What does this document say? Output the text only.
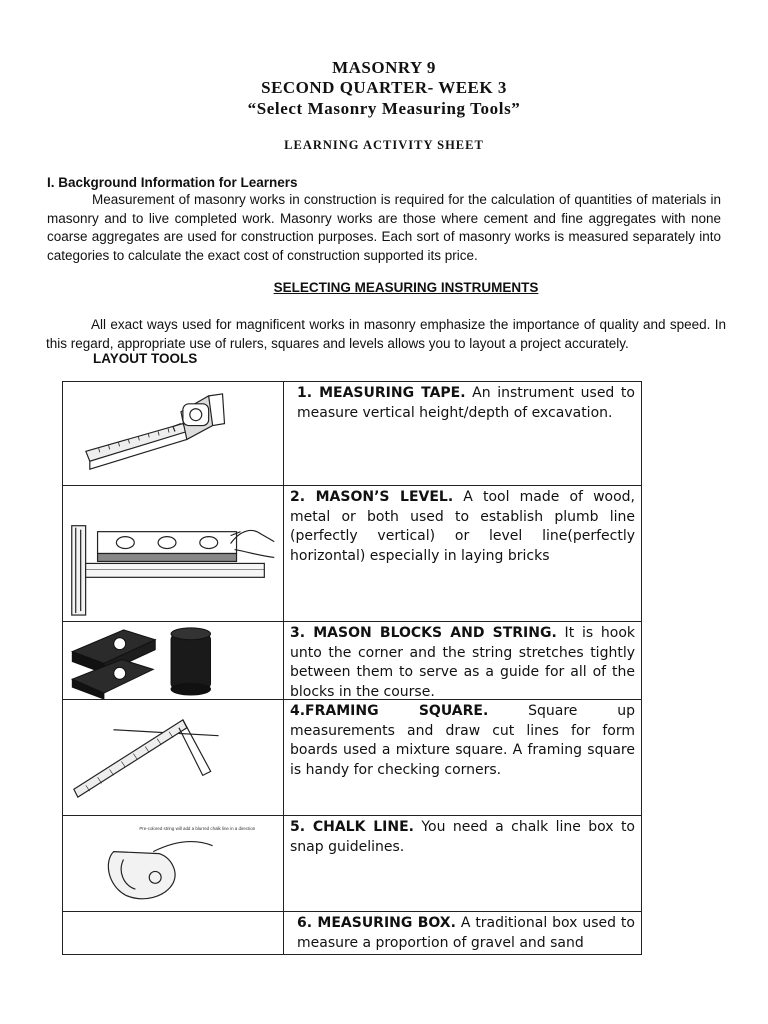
MASONRY 9
SECOND QUARTER- WEEK 3
“Select Masonry Measuring Tools”
LEARNING ACTIVITY SHEET
I. Background Information for Learners
Measurement of masonry works in construction is required for the calculation of quantities of materials in masonry and to live completed work. Masonry works are those where cement and fine aggregates with none coarse aggregates are used for construction purposes. Each sort of masonry works is measured separately into categories to calculate the exact cost of construction supported its price.
SELECTING MEASURING INSTRUMENTS
All exact ways used for magnificent works in masonry emphasize the importance of quality and speed. In this regard, appropriate use of rulers, squares and levels allows you to layout a project accurately.
LAYOUT TOOLS
1. MEASURING TAPE. An instrument used to measure vertical height/depth of excavation.
2. MASON’S LEVEL. A tool made of wood, metal or both used to establish plumb line (perfectly vertical) or level line(perfectly horizontal) especially in laying bricks
3. MASON BLOCKS AND STRING. It is hook unto the corner and the string stretches tightly between them to serve as a guide for all of the blocks in the course.
4.FRAMING SQUARE. Square up measurements and draw cut lines for form boards used a mixture square. A framing square is handy for checking corners.
Pre-colored string will add a blurred chalk line in a direction	5. CHALK LINE. You need a chalk line box to snap guidelines.
6. MEASURING BOX. A traditional box used to measure a proportion of gravel and sand
